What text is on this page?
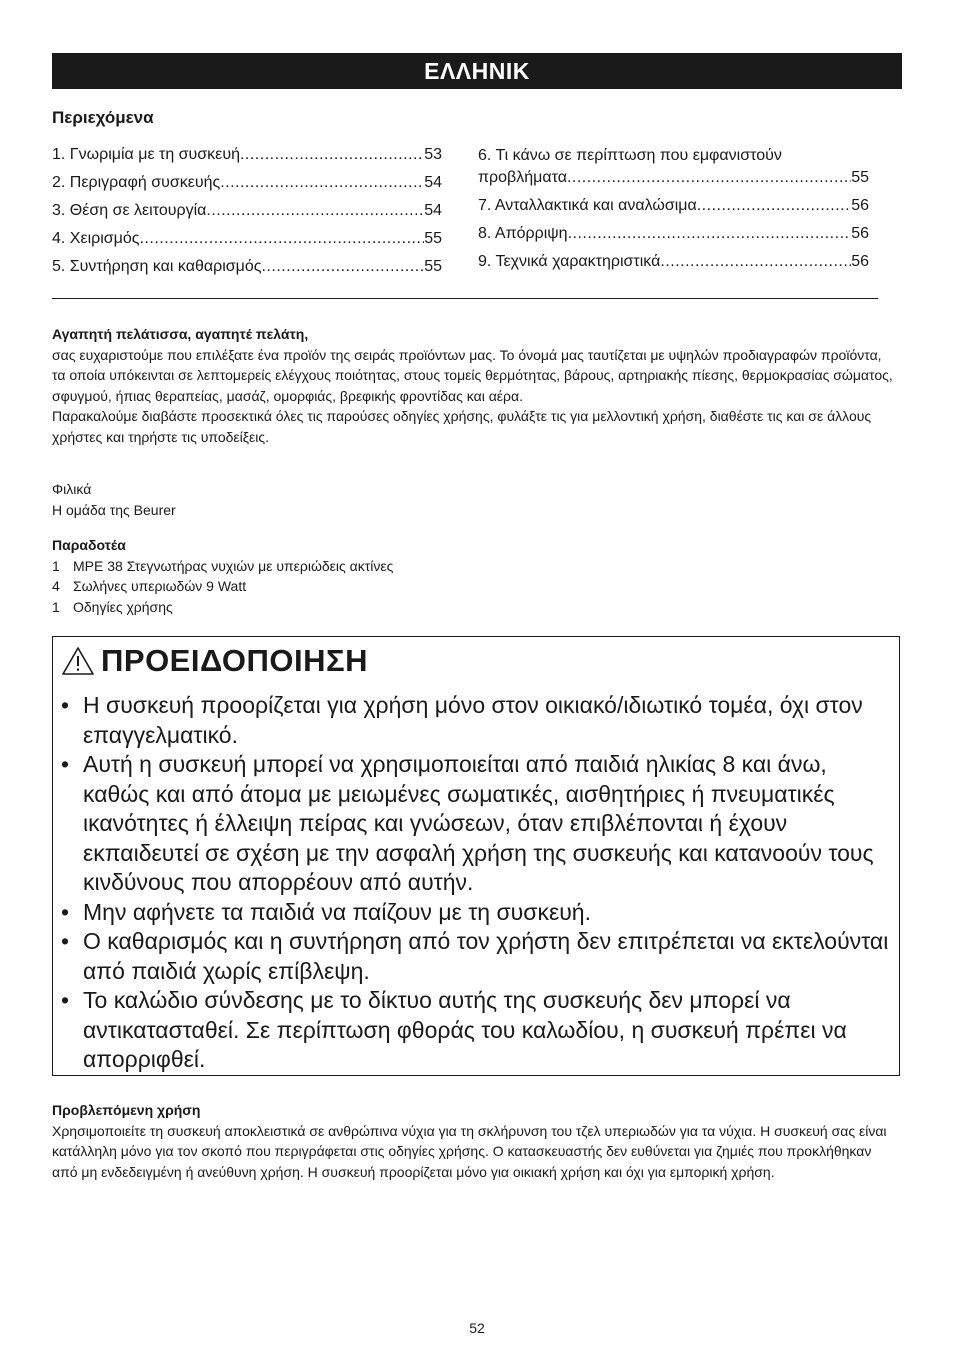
ΕΛΛΗΝΙΚ
Περιεχόμενα
1. Γνωριμία με τη συσκευή .....	53
2. Περιγραφή συσκευής .....	54
3. Θέση σε λειτουργία .....	54
4. Χειρισμός .....	55
5. Συντήρηση και καθαρισμός .....	55
6. Τι κάνω σε περίπτωση που εμφανιστούν
προβλήματα .....	55
7. Ανταλλακτικά και αναλώσιμα .....	56
8. Απόρριψη .....	56
9. Τεχνικά χαρακτηριστικά .....	56

Αγαπητή πελάτισσα, αγαπητέ πελάτη,

σας ευχαριστούμε που επιλέξατε ένα προϊόν της σειράς προϊόντων μας. Το όνομά μας ταυτίζεται με υψηλών προδιαγραφών προϊόντα, τα οποία υπόκεινται σε λεπτομερείς ελέγχους ποιότητας, στους τομείς θερμότητας, βάρους, αρτηριακής πίεσης, θερμοκρασίας σώματος, σφυγμού, ήπιας θεραπείας, μασάζ, ομορφιάς, βρεφικής φροντίδας και αέρα.

Παρακαλούμε διαβάστε προσεκτικά όλες τις παρούσες οδηγίες χρήσης, φυλάξτε τις για μελλοντική χρήση, διαθέστε τις και σε άλλους χρήστες και τηρήστε τις υποδείξεις.

Φιλικά
Η ομάδα της Beurer
Παραδοτέα
1 MPE 38 Στεγνωτήρας νυχιών με υπεριώδεις ακτίνες
4 Σωλήνες υπεριωδών 9 Watt
1 Οδηγίες χρήσης
ΠΡΟΕΙΔΟΠΟΙΗΣΗ
• Η συσκευή προορίζεται για χρήση μόνο στον οικιακό/ιδιωτικό τομέα, όχι στον επαγγελματικό.
• Αυτή η συσκευή μπορεί να χρησιμοποιείται από παιδιά ηλικίας 8 και άνω, καθώς και από άτομα με μειωμένες σωματικές, αισθητήριες ή πνευματικές ικανότητες ή έλλειψη πείρας και γνώσεων, όταν επιβλέπονται ή έχουν εκπαιδευτεί σε σχέση με την ασφαλή χρήση της συσκευής και κατανοούν τους κινδύνους που απορρέουν από αυτήν.
• Μην αφήνετε τα παιδιά να παίζουν με τη συσκευή.
• Ο καθαρισμός και η συντήρηση από τον χρήστη δεν επιτρέπεται να εκτελούνται από παιδιά χωρίς επίβλεψη.
• Το καλώδιο σύνδεσης με το δίκτυο αυτής της συσκευής δεν μπορεί να αντικατασταθεί. Σε περίπτωση φθοράς του καλωδίου, η συσκευή πρέπει να απορριφθεί.

Προβλεπόμενη χρήση

Χρησιμοποιείτε τη συσκευή αποκλειστικά σε ανθρώπινα νύχια για τη σκλήρυνση του τζελ υπεριωδών για τα νύχια. Η συσκευή σας είναι κατάλληλη μόνο για τον σκοπό που περιγράφεται στις οδηγίες χρήσης. Ο κατασκευαστής δεν ευθύνεται για ζημιές που προκλήθηκαν από μη ενδεδειγμένη ή ανεύθυνη χρήση. Η συσκευή προορίζεται μόνο για οικιακή χρήση και όχι για εμπορική χρήση.

52
